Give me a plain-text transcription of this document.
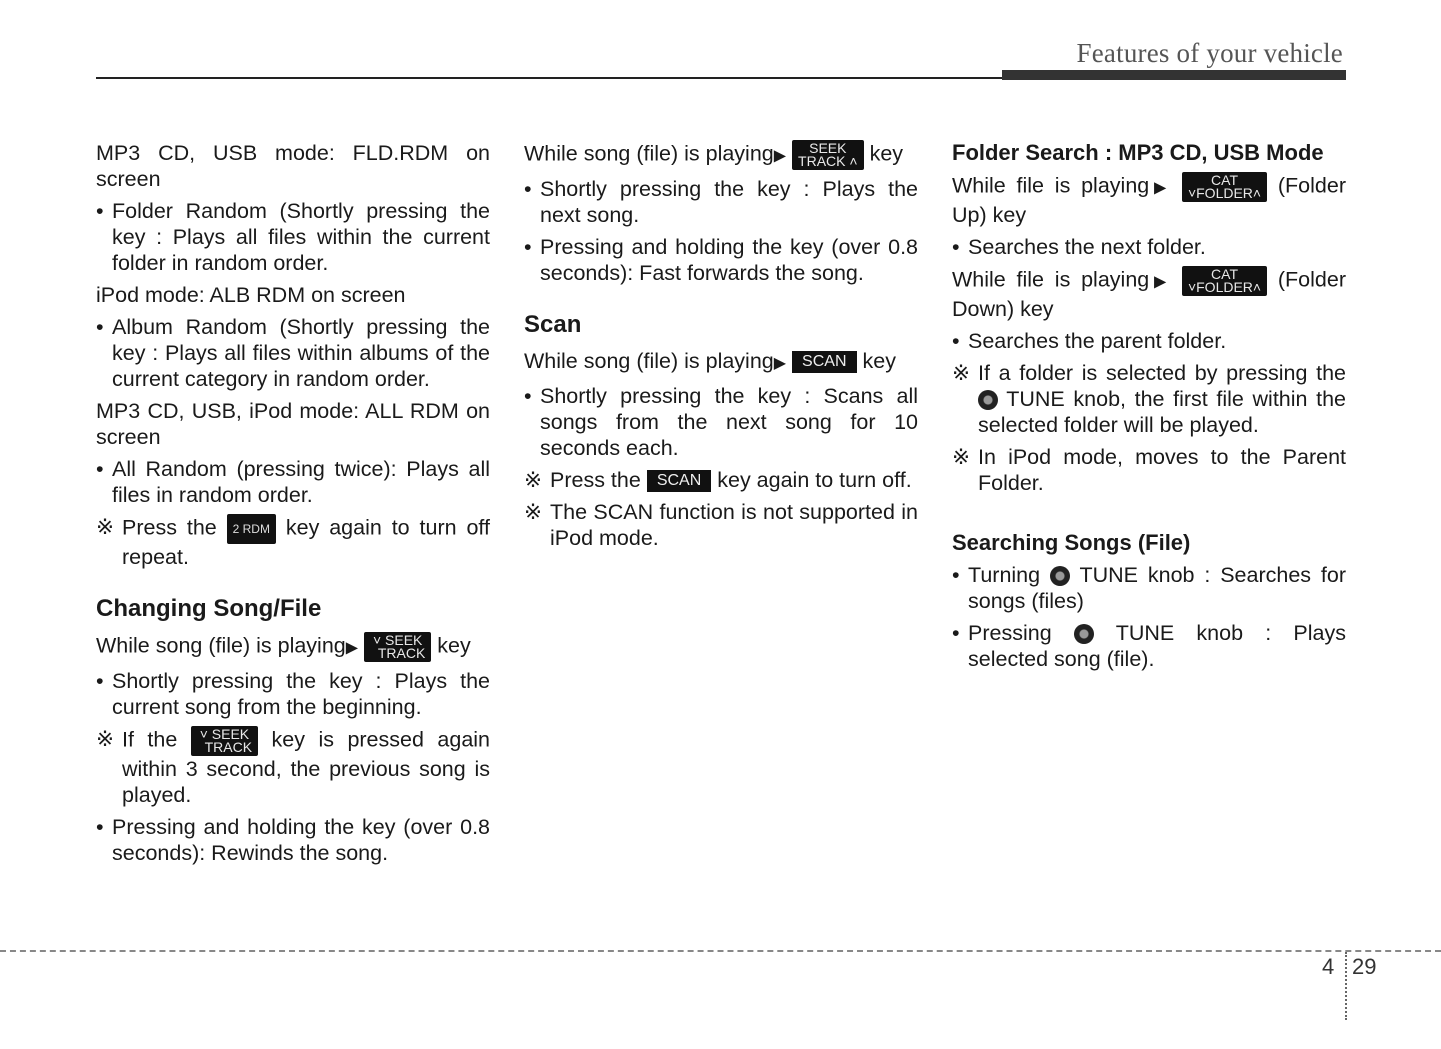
Features of your vehicle

MP3 CD, USB mode: FLD.RDM on screen

• Folder Random (Shortly pressing the key : Plays all files within the current folder in random order.

iPod mode: ALB RDM on screen

• Album Random (Shortly pressing the key : Plays all files within albums of the current category in random order.

MP3 CD, USB, iPod mode: ALL RDM on screen

• All Random (pressing twice): Plays all files in random order.

※ Press the 2 RDM key again to turn off repeat.

Changing Song/File

While song (file) is playing▶ ˅ SEEK
TRACK key

• Shortly pressing the key : Plays the current song from the beginning.

※ If the ˅ SEEK
TRACK key is pressed again within 3 second, the previous song is played.

• Pressing and holding the key (over 0.8 seconds): Rewinds the song.

While song (file) is playing▶ SEEK
TRACK ˄ key

• Shortly pressing the key : Plays the next song.

• Pressing and holding the key (over 0.8 seconds): Fast forwards the song.

Scan

While song (file) is playing▶ SCAN key

• Shortly pressing the key : Scans all songs from the next song for 10 seconds each.

※ Press the SCAN key again to turn off.

※ The SCAN function is not supported in iPod mode.

Folder Search : MP3 CD, USB Mode

While file is playing▶	CAT
˅FOLDER˄ (Folder Up) key

• Searches the next folder.

While file is playing▶	CAT
˅FOLDER˄ (Folder Down) key

• Searches the parent folder.

※ If a folder is selected by pressing the  TUNE knob, the first file within the selected folder will be played.

※ In iPod mode, moves to the Parent Folder.

Searching Songs (File)

• Turning TUNE knob : Searches for songs (files)

• Pressing	TUNE knob : Plays selected song (file).

4 29
